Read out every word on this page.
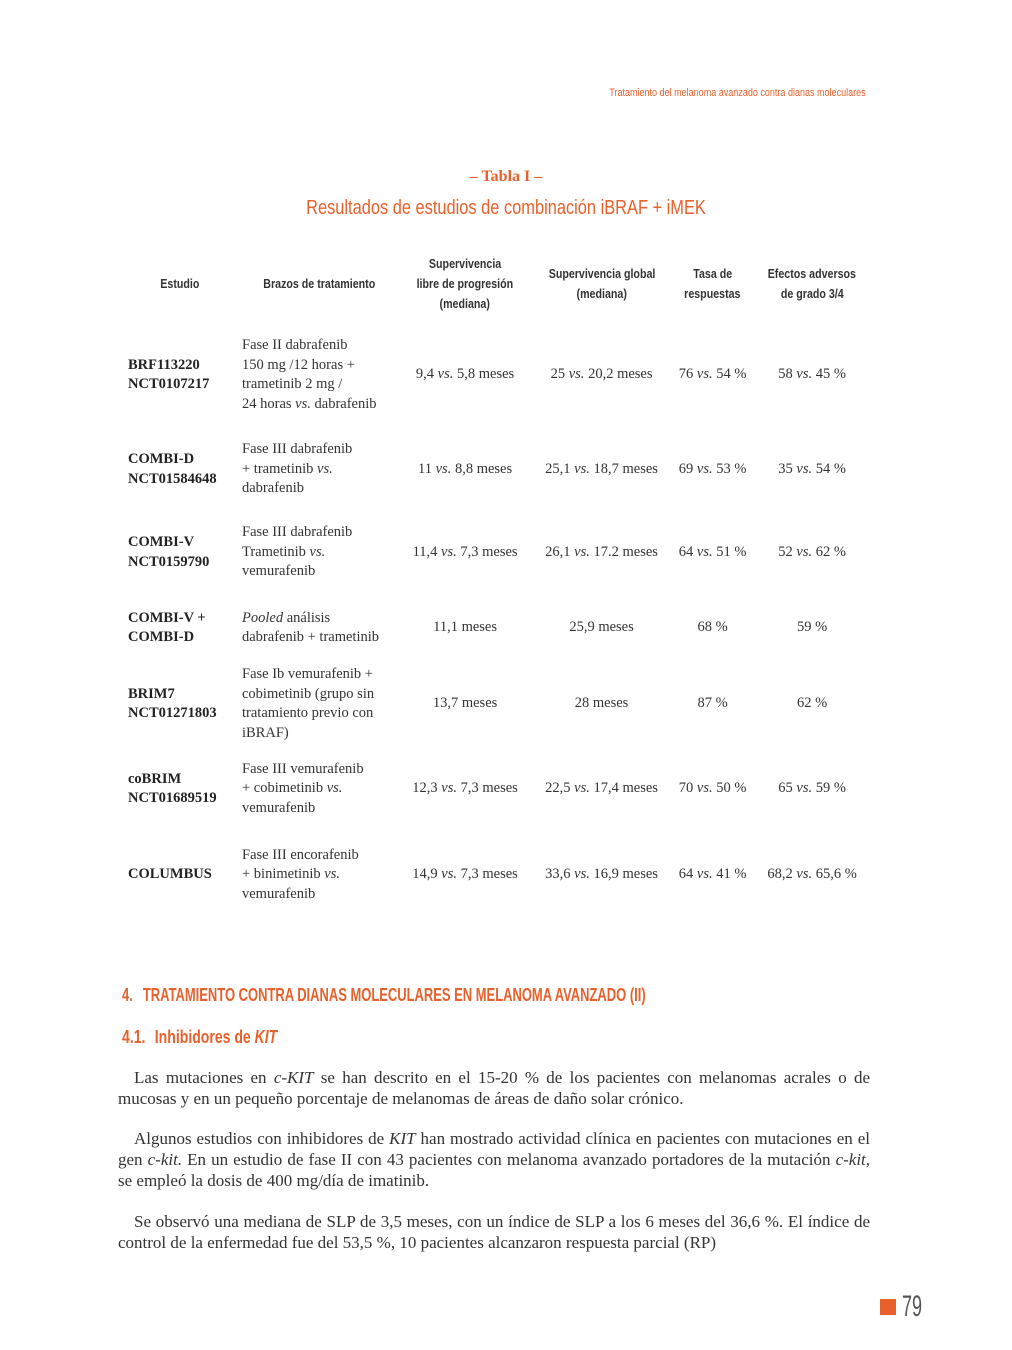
Tratamiento del melanoma avanzado contra dianas moleculares
– Tabla I –
Resultados de estudios de combinación iBRAF + iMEK
Estudio	Brazos de tratamiento	Supervivencia
libre de progresión
(mediana)	Supervivencia global
(mediana)	Tasa de
respuestas	Efectos adversos
de grado 3/4
BRF113220
NCT0107217	Fase II dabrafenib
150 mg /12 horas +
trametinib 2 mg /
24 horas vs. dabrafenib	9,4 vs. 5,8 meses	25 vs. 20,2 meses	76 vs. 54 %	58 vs. 45 %
COMBI-D
NCT01584648	Fase III dabrafenib
+ trametinib vs.
dabrafenib	11 vs. 8,8 meses	25,1 vs. 18,7 meses	69 vs. 53 %	35 vs. 54 %
COMBI-V
NCT0159790	Fase III dabrafenib
Trametinib vs.
vemurafenib	11,4 vs. 7,3 meses	26,1 vs. 17.2 meses	64 vs. 51 %	52 vs. 62 %
COMBI-V +
COMBI-D	Pooled análisis
dabrafenib + trametinib	11,1 meses	25,9 meses	68 %	59 %
BRIM7
NCT01271803	Fase Ib vemurafenib +
cobimetinib (grupo sin
tratamiento previo con
iBRAF)	13,7 meses	28 meses	87 %	62 %
coBRIM
NCT01689519	Fase III vemurafenib
+ cobimetinib vs.
vemurafenib	12,3 vs. 7,3 meses	22,5 vs. 17,4 meses	70 vs. 50 %	65 vs. 59 %
COLUMBUS	Fase III encorafenib
+ binimetinib vs.
vemurafenib	14,9 vs. 7,3 meses	33,6 vs. 16,9 meses	64 vs. 41 %	68,2 vs. 65,6 %
4. TRATAMIENTO CONTRA DIANAS MOLECULARES EN MELANOMA AVANZADO (II)
4.1. Inhibidores de KIT

Las mutaciones en c-KIT se han descrito en el 15-20 % de los pacientes con melanomas acrales o de mucosas y en un pequeño porcentaje de melanomas de áreas de daño solar crónico.

Algunos estudios con inhibidores de KIT han mostrado actividad clínica en pacientes con mutaciones en el gen c-kit. En un estudio de fase II con 43 pacientes con melanoma avanzado portadores de la mutación c-kit, se empleó la dosis de 400 mg/día de imatinib.

Se observó una mediana de SLP de 3,5 meses, con un índice de SLP a los 6 meses del 36,6 %. El índice de control de la enfermedad fue del 53,5 %, 10 pacientes alcanzaron respuesta parcial (RP)

79
